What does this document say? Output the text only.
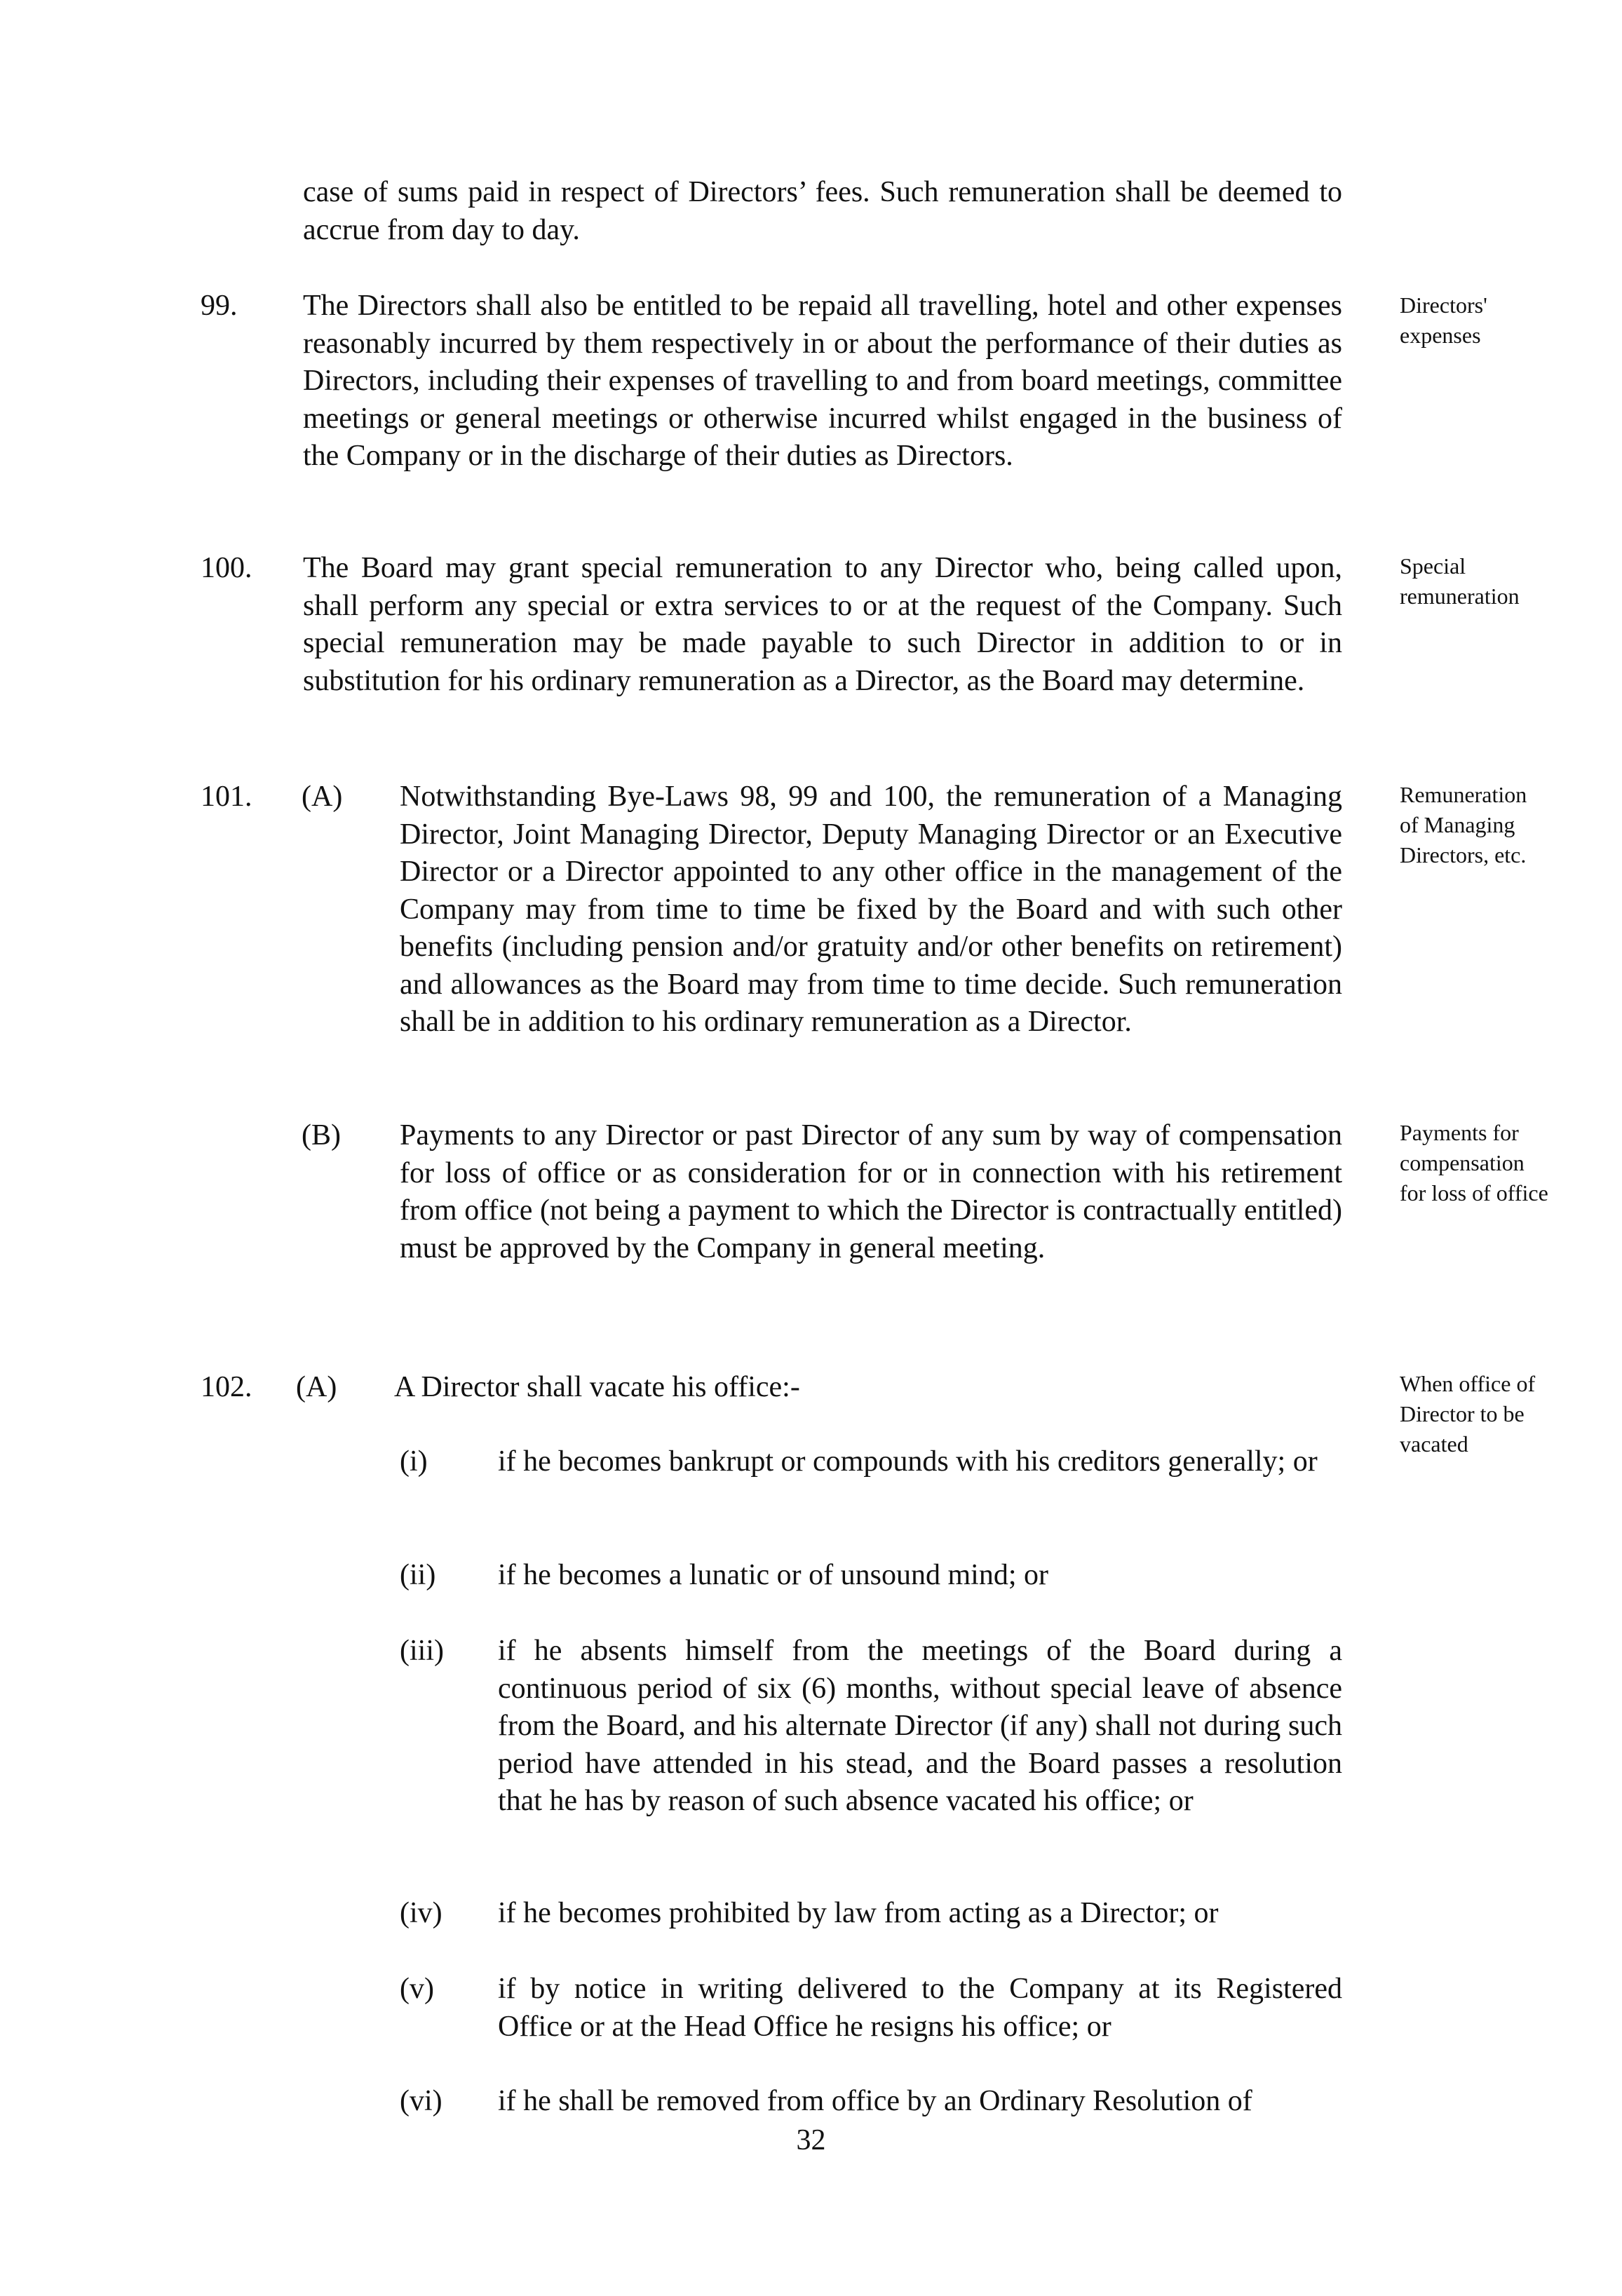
case of sums paid in respect of Directors’ fees. Such remuneration shall be deemed to accrue from day to day.

99. The Directors shall also be entitled to be repaid all travelling, hotel and other expenses reasonably incurred by them respectively in or about the performance of their duties as Directors, including their expenses of travelling to and from board meetings, committee meetings or general meetings or otherwise incurred whilst engaged in the business of the Company or in the discharge of their duties as Directors.

Directors' expenses

100. The Board may grant special remuneration to any Director who, being called upon, shall perform any special or extra services to or at the request of the Company. Such special remuneration may be made payable to such Director in addition to or in substitution for his ordinary remuneration as a Director, as the Board may determine.

Special remuneration

101. (A) Notwithstanding Bye-Laws 98, 99 and 100, the remuneration of a Managing Director, Joint Managing Director, Deputy Managing Director or an Executive Director or a Director appointed to any other office in the management of the Company may from time to time be fixed by the Board and with such other benefits (including pension and/or gratuity and/or other benefits on retirement) and allowances as the Board may from time to time decide. Such remuneration shall be in addition to his ordinary remuneration as a Director.

Remuneration of Managing Directors, etc.

(B) Payments to any Director or past Director of any sum by way of compensation for loss of office or as consideration for or in connection with his retirement from office (not being a payment to which the Director is contractually entitled) must be approved by the Company in general meeting.

Payments for compensation for loss of office

102. (A) A Director shall vacate his office:-	When office of Director to be vacated

(i) if he becomes bankrupt or compounds with his creditors generally; or

(ii) if he becomes a lunatic or of unsound mind; or

(iii) if he absents himself from the meetings of the Board during a continuous period of six (6) months, without special leave of absence from the Board, and his alternate Director (if any) shall not during such period have attended in his stead, and the Board passes a resolution that he has by reason of such absence vacated his office; or

(iv) if he becomes prohibited by law from acting as a Director; or

(v) if by notice in writing delivered to the Company at its Registered Office or at the Head Office he resigns his office; or

(vi) if he shall be removed from office by an Ordinary Resolution of

32
